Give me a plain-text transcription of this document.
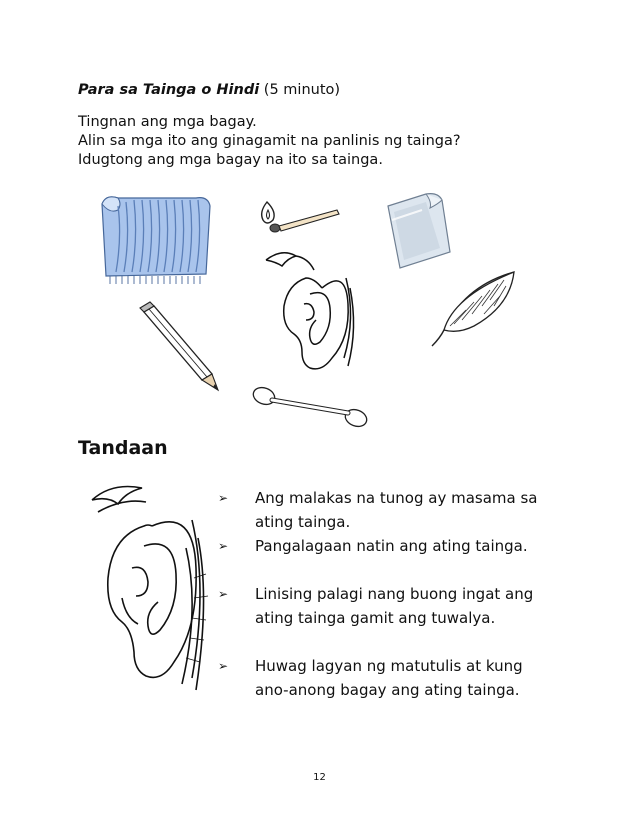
Para sa Tainga o Hindi (5 minuto)
Tingnan ang mga bagay.
Alin sa mga ito ang ginagamit na panlinis ng tainga?
Idugtong ang mga bagay na ito sa tainga.
Tandaan
➢	Ang malakas na tunog ay masama sa ating tainga.
➢	Pangalagaan natin ang ating tainga.
➢	Linising palagi nang buong ingat ang ating tainga gamit ang tuwalya.
➢	Huwag lagyan ng matutulis at kung ano-anong bagay ang ating tainga.
12
